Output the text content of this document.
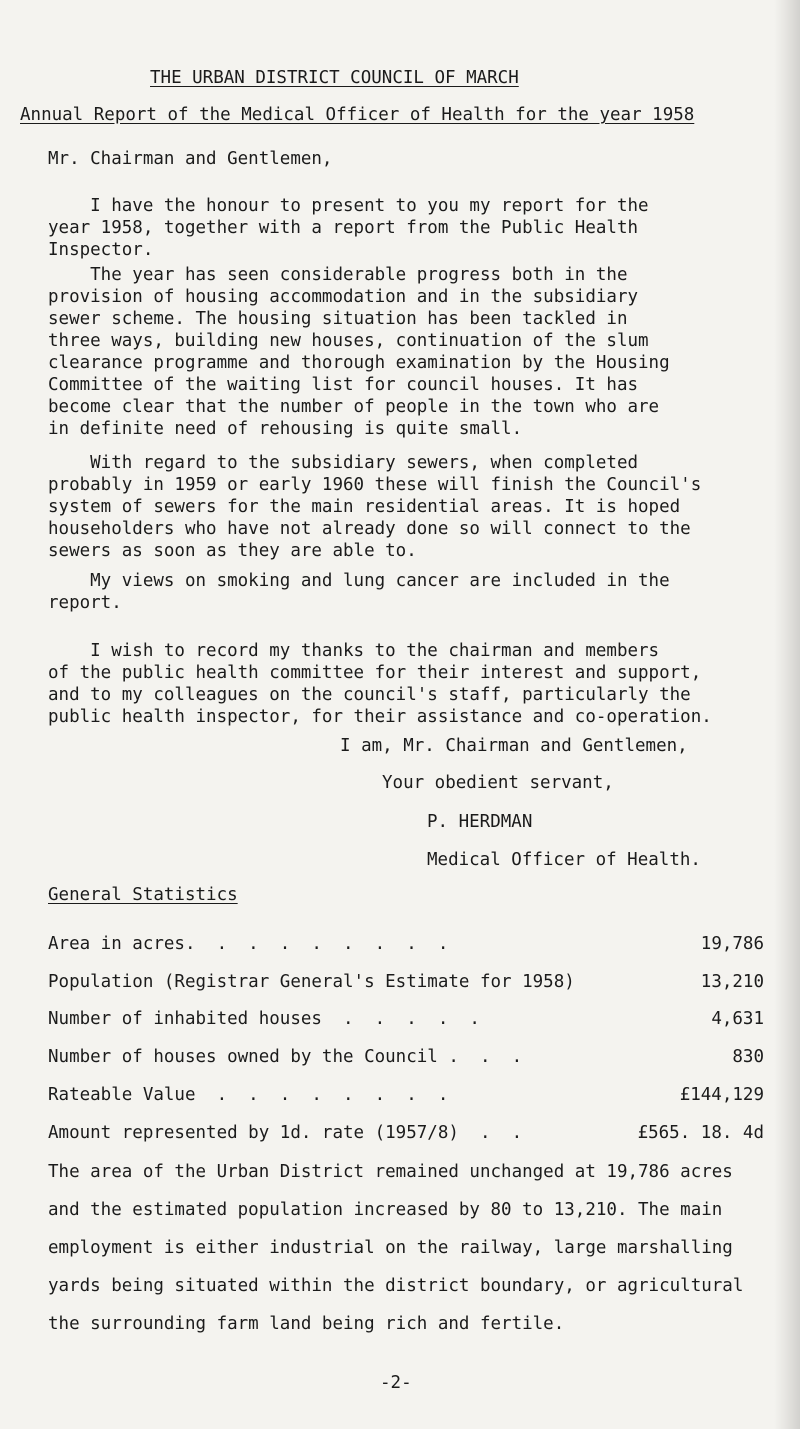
THE URBAN DISTRICT COUNCIL OF MARCH
Annual Report of the Medical Officer of Health for the year 1958
Mr. Chairman and Gentlemen,
I have the honour to present to you my report for the
year 1958, together with a report from the Public Health
Inspector.
The year has seen considerable progress both in the
provision of housing accommodation and in the subsidiary
sewer scheme. The housing situation has been tackled in
three ways, building new houses, continuation of the slum
clearance programme and thorough examination by the Housing
Committee of the waiting list for council houses. It has
become clear that the number of people in the town who are
in definite need of rehousing is quite small.
With regard to the subsidiary sewers, when completed
probably in 1959 or early 1960 these will finish the Council's
system of sewers for the main residential areas. It is hoped
householders who have not already done so will connect to the
sewers as soon as they are able to.
My views on smoking and lung cancer are included in the
report.
I wish to record my thanks to the chairman and members
of the public health committee for their interest and support,
and to my colleagues on the council's staff, particularly the
public health inspector, for their assistance and co-operation.
I am, Mr. Chairman and Gentlemen,
Your obedient servant,
P. HERDMAN
Medical Officer of Health.
General Statistics
Area in acres.  .  .  .  .  .  .  .  .	19,786
Population (Registrar General's Estimate for 1958)	13,210
Number of inhabited houses  .  .  .  .  .	4,631
Number of houses owned by the Council .  .  .	830
Rateable Value  .  .  .  .  .  .  .  .	£144,129
Amount represented by 1d. rate (1957/8)  .  .	£565. 18. 4d
The area of the Urban District remained unchanged at 19,786 acres
and the estimated population increased by 80 to 13,210. The main
employment is either industrial on the railway, large marshalling
yards being situated within the district boundary, or agricultural
the surrounding farm land being rich and fertile.
-2-
